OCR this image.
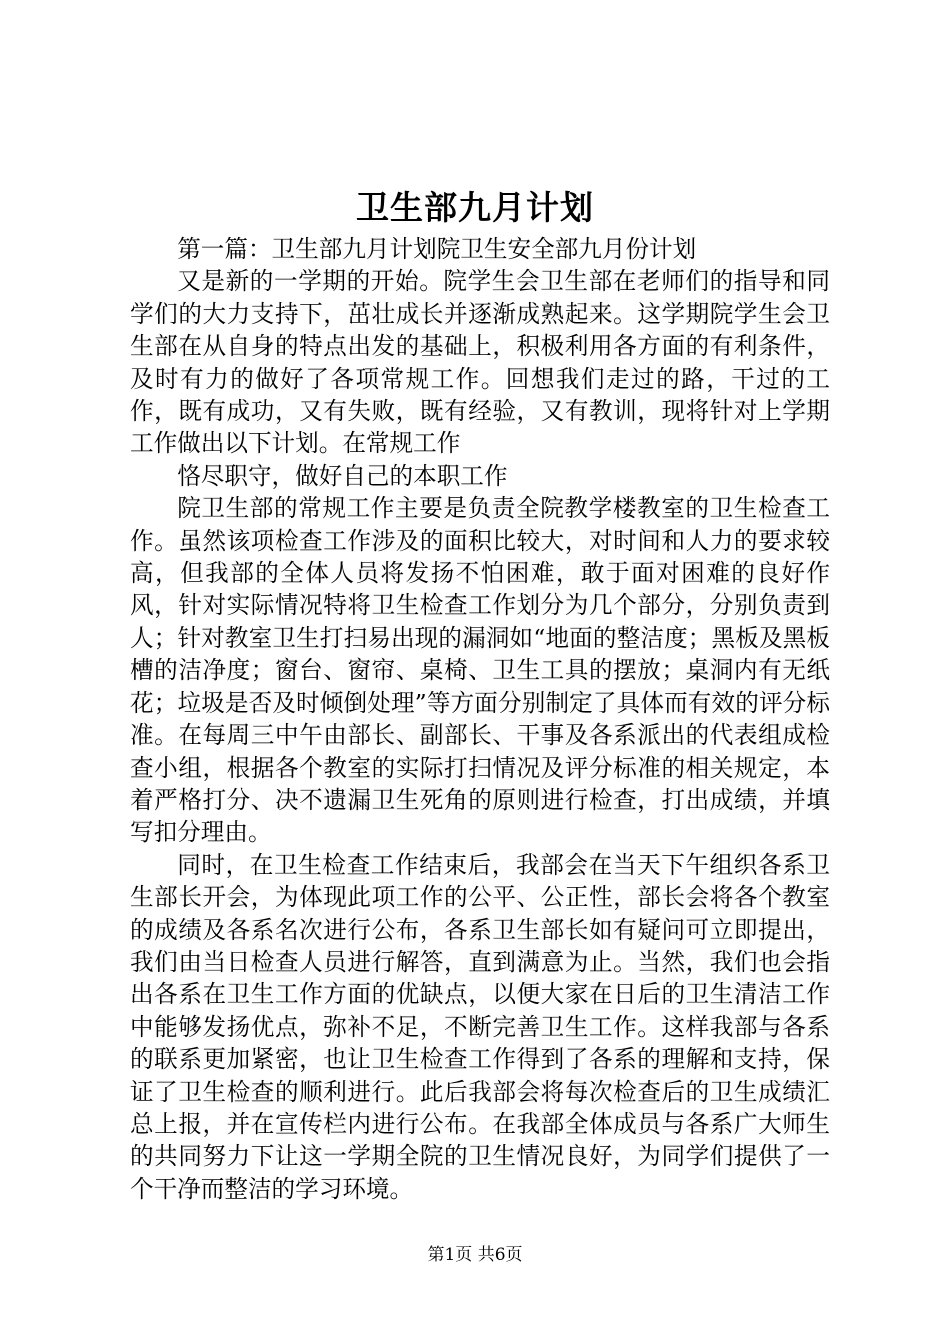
卫生部九月计划

第一篇：卫生部九月计划院卫生安全部九月份计划

又是新的一学期的开始。院学生会卫生部在老师们的指导和同学们的大力支持下，茁壮成长并逐渐成熟起来。这学期院学生会卫生部在从自身的特点出发的基础上，积极利用各方面的有利条件，及时有力的做好了各项常规工作。回想我们走过的路，干过的工作，既有成功，又有失败，既有经验，又有教训，现将针对上学期工作做出以下计划。在常规工作

恪尽职守，做好自己的本职工作

院卫生部的常规工作主要是负责全院教学楼教室的卫生检查工作。虽然该项检查工作涉及的面积比较大，对时间和人力的要求较高，但我部的全体人员将发扬不怕困难，敢于面对困难的良好作风，针对实际情况特将卫生检查工作划分为几个部分，分别负责到人；针对教室卫生打扫易出现的漏洞如“地面的整洁度；黑板及黑板槽的洁净度；窗台、窗帘、桌椅、卫生工具的摆放；桌洞内有无纸花；垃圾是否及时倾倒处理”等方面分别制定了具体而有效的评分标准。在每周三中午由部长、副部长、干事及各系派出的代表组成检查小组，根据各个教室的实际打扫情况及评分标准的相关规定，本着严格打分、决不遗漏卫生死角的原则进行检查，打出成绩，并填写扣分理由。

同时，在卫生检查工作结束后，我部会在当天下午组织各系卫生部长开会，为体现此项工作的公平、公正性，部长会将各个教室的成绩及各系名次进行公布，各系卫生部长如有疑问可立即提出，我们由当日检查人员进行解答，直到满意为止。当然，我们也会指出各系在卫生工作方面的优缺点，以便大家在日后的卫生清洁工作中能够发扬优点，弥补不足，不断完善卫生工作。这样我部与各系的联系更加紧密，也让卫生检查工作得到了各系的理解和支持，保证了卫生检查的顺利进行。此后我部会将每次检查后的卫生成绩汇总上报，并在宣传栏内进行公布。在我部全体成员与各系广大师生的共同努力下让这一学期全院的卫生情况良好，为同学们提供了一个干净而整洁的学习环境。

第1页 共6页
